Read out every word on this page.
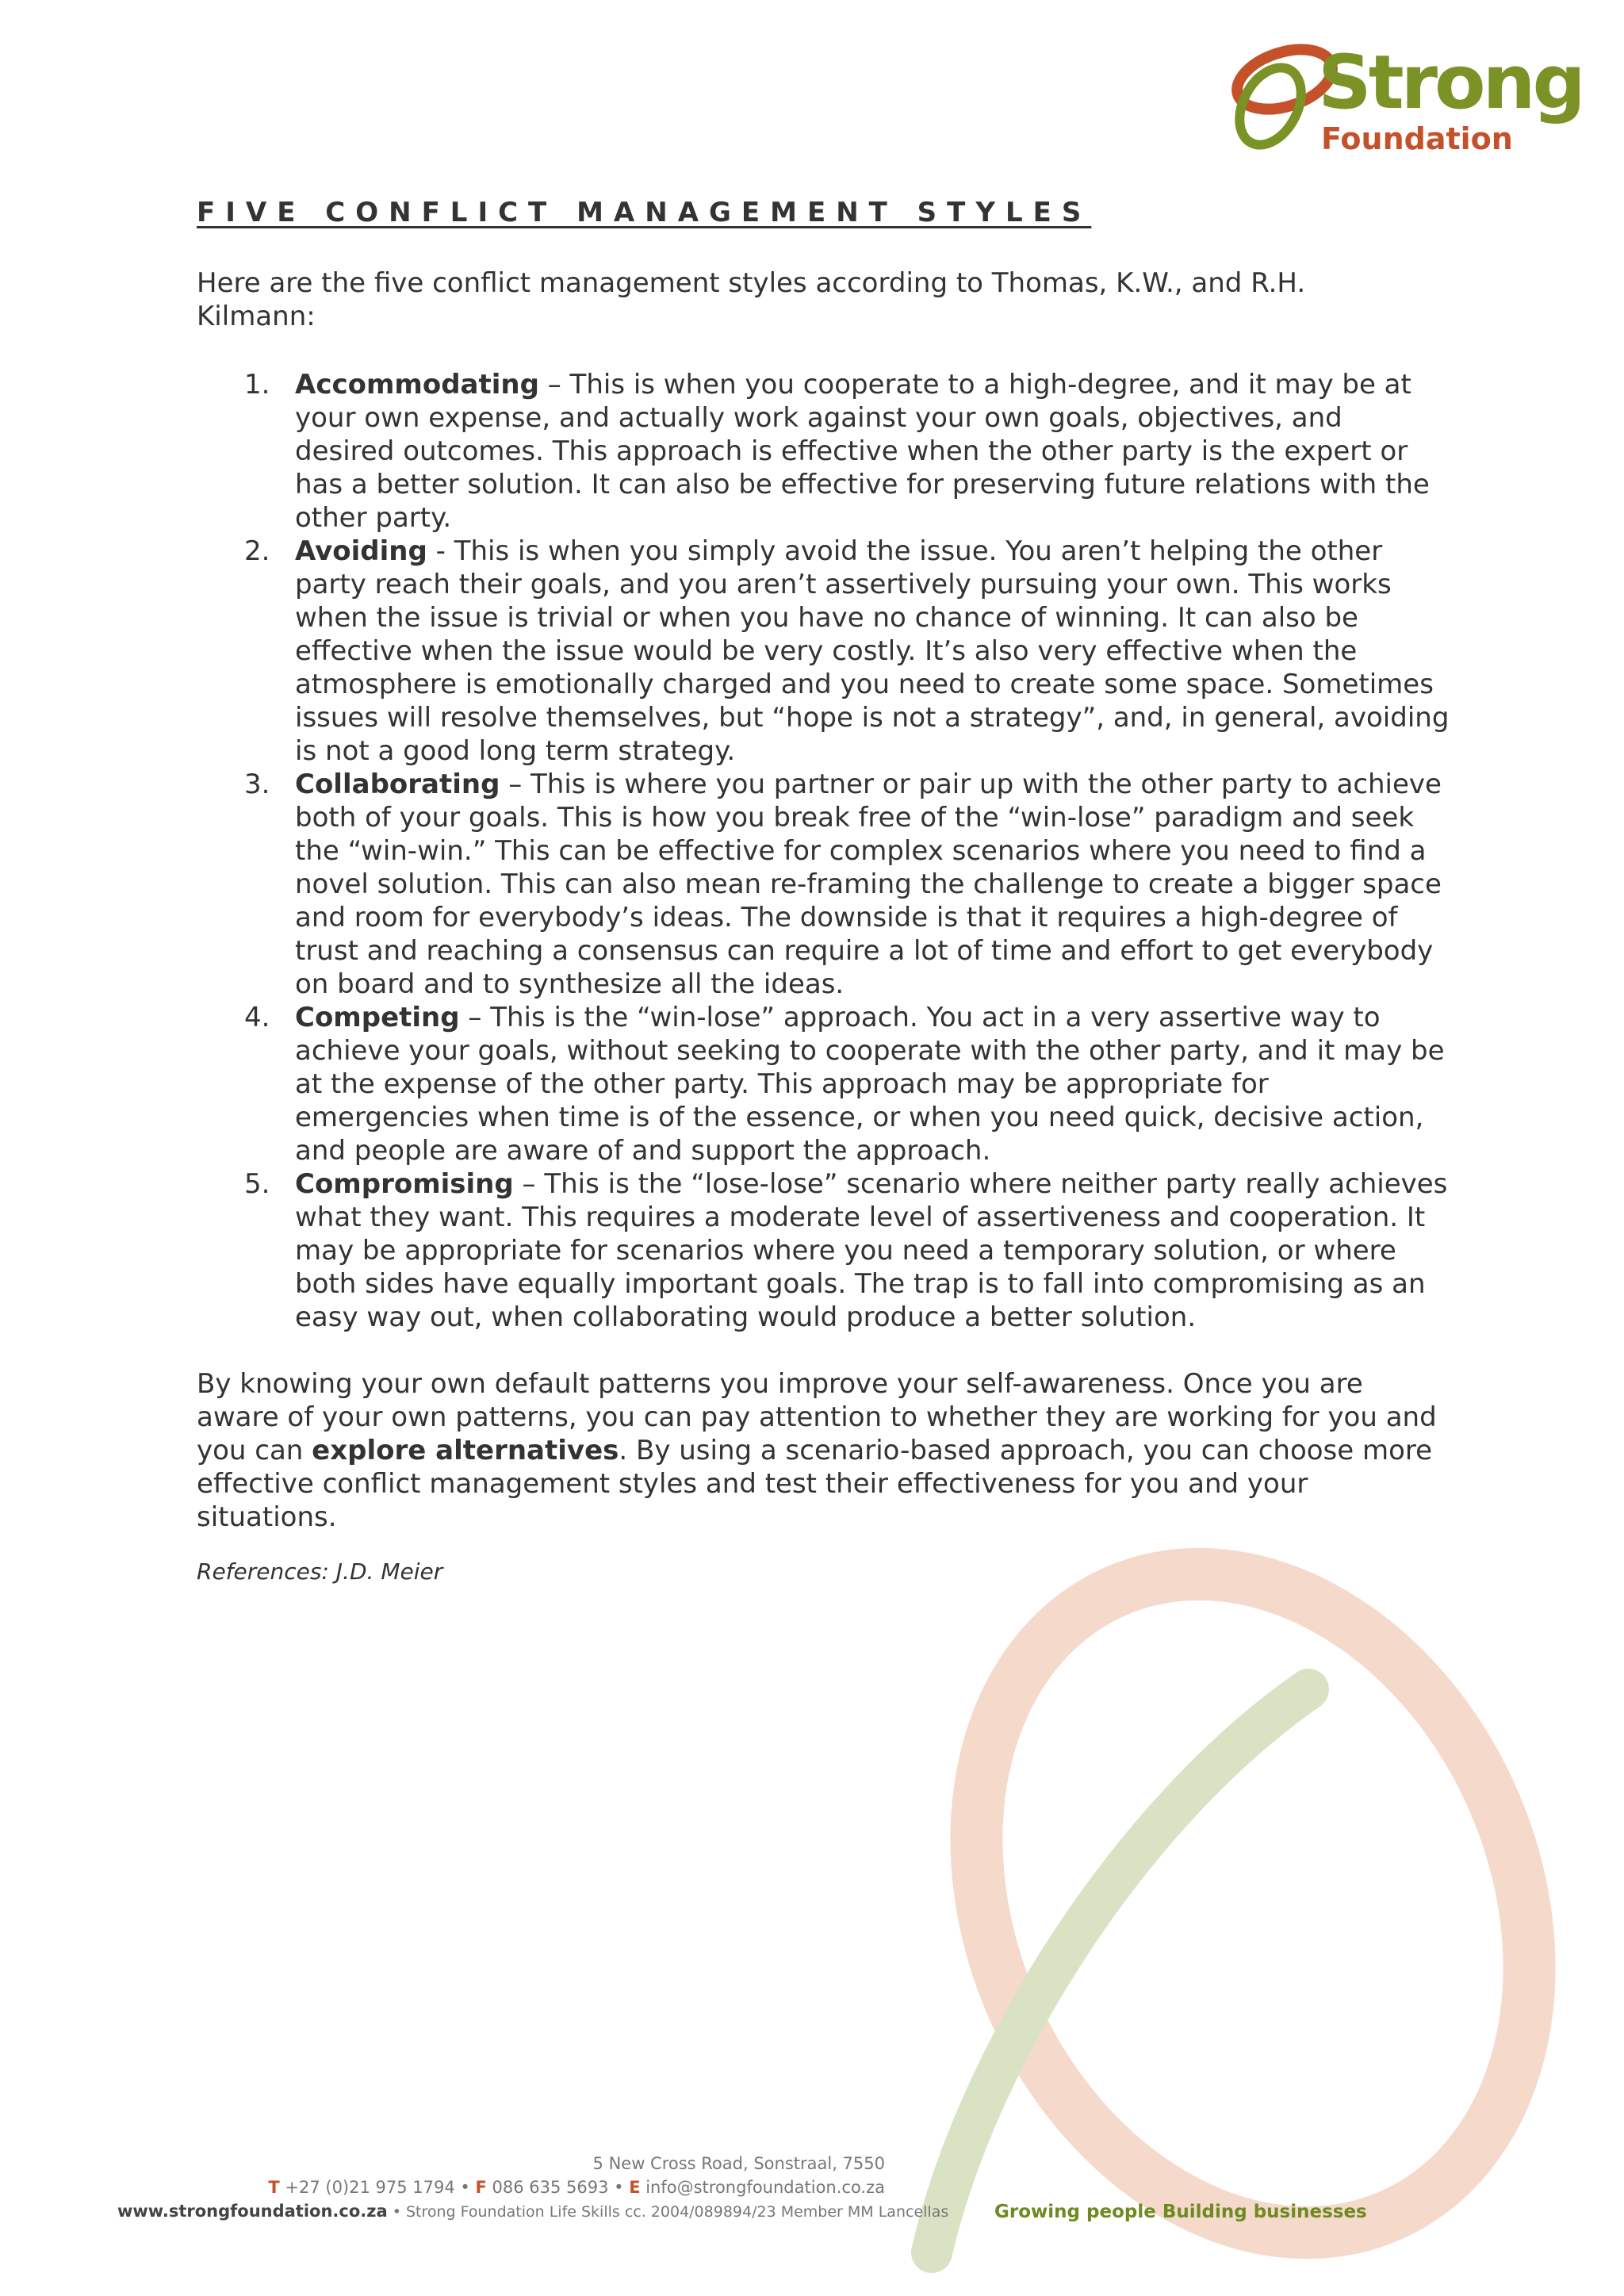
Strong
Foundation
FIVE CONFLICT MANAGEMENT STYLES

Here are the five conflict management styles according to Thomas, K.W., and R.H. Kilmann:

1. Accommodating – This is when you cooperate to a high-degree, and it may be at your own expense, and actually work against your own goals, objectives, and desired outcomes. This approach is effective when the other party is the expert or has a better solution. It can also be effective for preserving future relations with the other party.
2. Avoiding - This is when you simply avoid the issue. You aren’t helping the other party reach their goals, and you aren’t assertively pursuing your own. This works when the issue is trivial or when you have no chance of winning. It can also be effective when the issue would be very costly. It’s also very effective when the atmosphere is emotionally charged and you need to create some space. Sometimes issues will resolve themselves, but “hope is not a strategy”, and, in general, avoiding is not a good long term strategy.
3. Collaborating – This is where you partner or pair up with the other party to achieve both of your goals. This is how you break free of the “win-lose” paradigm and seek the “win-win.” This can be effective for complex scenarios where you need to find a novel solution. This can also mean re-framing the challenge to create a bigger space and room for everybody’s ideas. The downside is that it requires a high-degree of trust and reaching a consensus can require a lot of time and effort to get everybody on board and to synthesize all the ideas.
4. Competing – This is the “win-lose” approach. You act in a very assertive way to achieve your goals, without seeking to cooperate with the other party, and it may be at the expense of the other party. This approach may be appropriate for emergencies when time is of the essence, or when you need quick, decisive action, and people are aware of and support the approach.
5. Compromising – This is the “lose-lose” scenario where neither party really achieves what they want. This requires a moderate level of assertiveness and cooperation. It may be appropriate for scenarios where you need a temporary solution, or where both sides have equally important goals. The trap is to fall into compromising as an easy way out, when collaborating would produce a better solution.

By knowing your own default patterns you improve your self-awareness. Once you are aware of your own patterns, you can pay attention to whether they are working for you and you can explore alternatives. By using a scenario-based approach, you can choose more effective conflict management styles and test their effectiveness for you and your situations.

References: J.D. Meier

5 New Cross Road, Sonstraal, 7550
T +27 (0)21 975 1794 • F 086 635 5693 • E info@strongfoundation.co.za
www.strongfoundation.co.za • Strong Foundation Life Skills cc. 2004/089894/23 Member MM Lancellas	Growing people Building businesses
